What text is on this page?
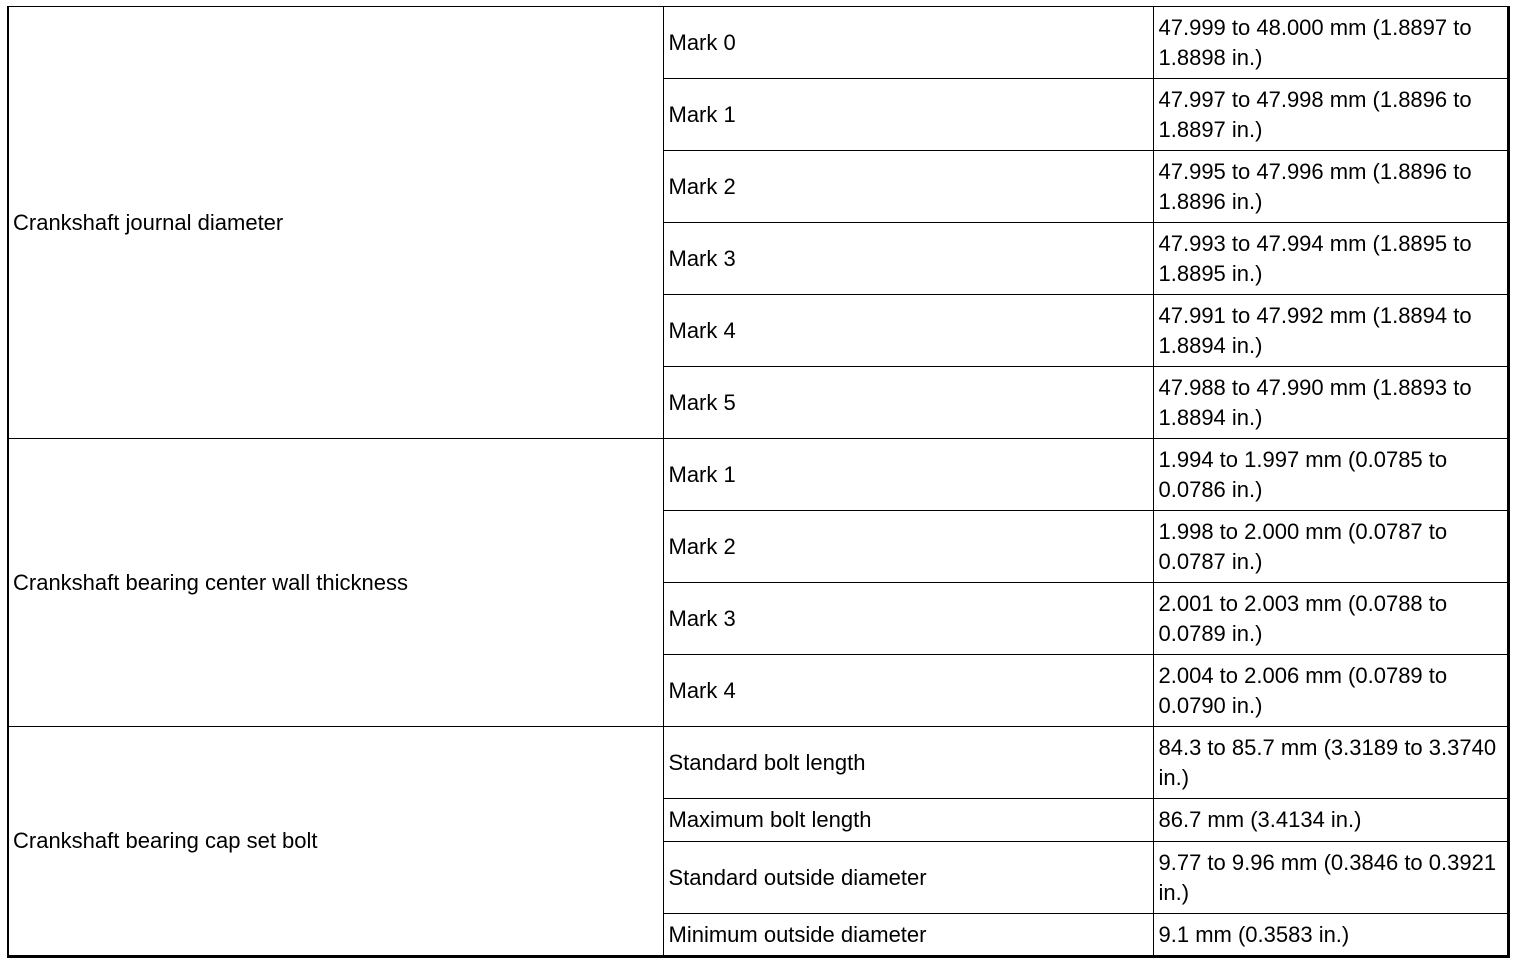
Crankshaft journal diameter	Mark 0	47.999 to 48.000 mm (1.8897 to 1.8898 in.)
	Mark 1	47.997 to 47.998 mm (1.8896 to 1.8897 in.)
	Mark 2	47.995 to 47.996 mm (1.8896 to 1.8896 in.)
	Mark 3	47.993 to 47.994 mm (1.8895 to 1.8895 in.)
	Mark 4	47.991 to 47.992 mm (1.8894 to 1.8894 in.)
	Mark 5	47.988 to 47.990 mm (1.8893 to 1.8894 in.)
Crankshaft bearing center wall thickness	Mark 1	1.994 to 1.997 mm (0.0785 to 0.0786 in.)
	Mark 2	1.998 to 2.000 mm (0.0787 to 0.0787 in.)
	Mark 3	2.001 to 2.003 mm (0.0788 to 0.0789 in.)
	Mark 4	2.004 to 2.006 mm (0.0789 to 0.0790 in.)
Crankshaft bearing cap set bolt	Standard bolt length	84.3 to 85.7 mm (3.3189 to 3.3740 in.)
	Maximum bolt length	86.7 mm (3.4134 in.)
	Standard outside diameter	9.77 to 9.96 mm (0.3846 to 0.3921 in.)
	Minimum outside diameter	9.1 mm (0.3583 in.)
